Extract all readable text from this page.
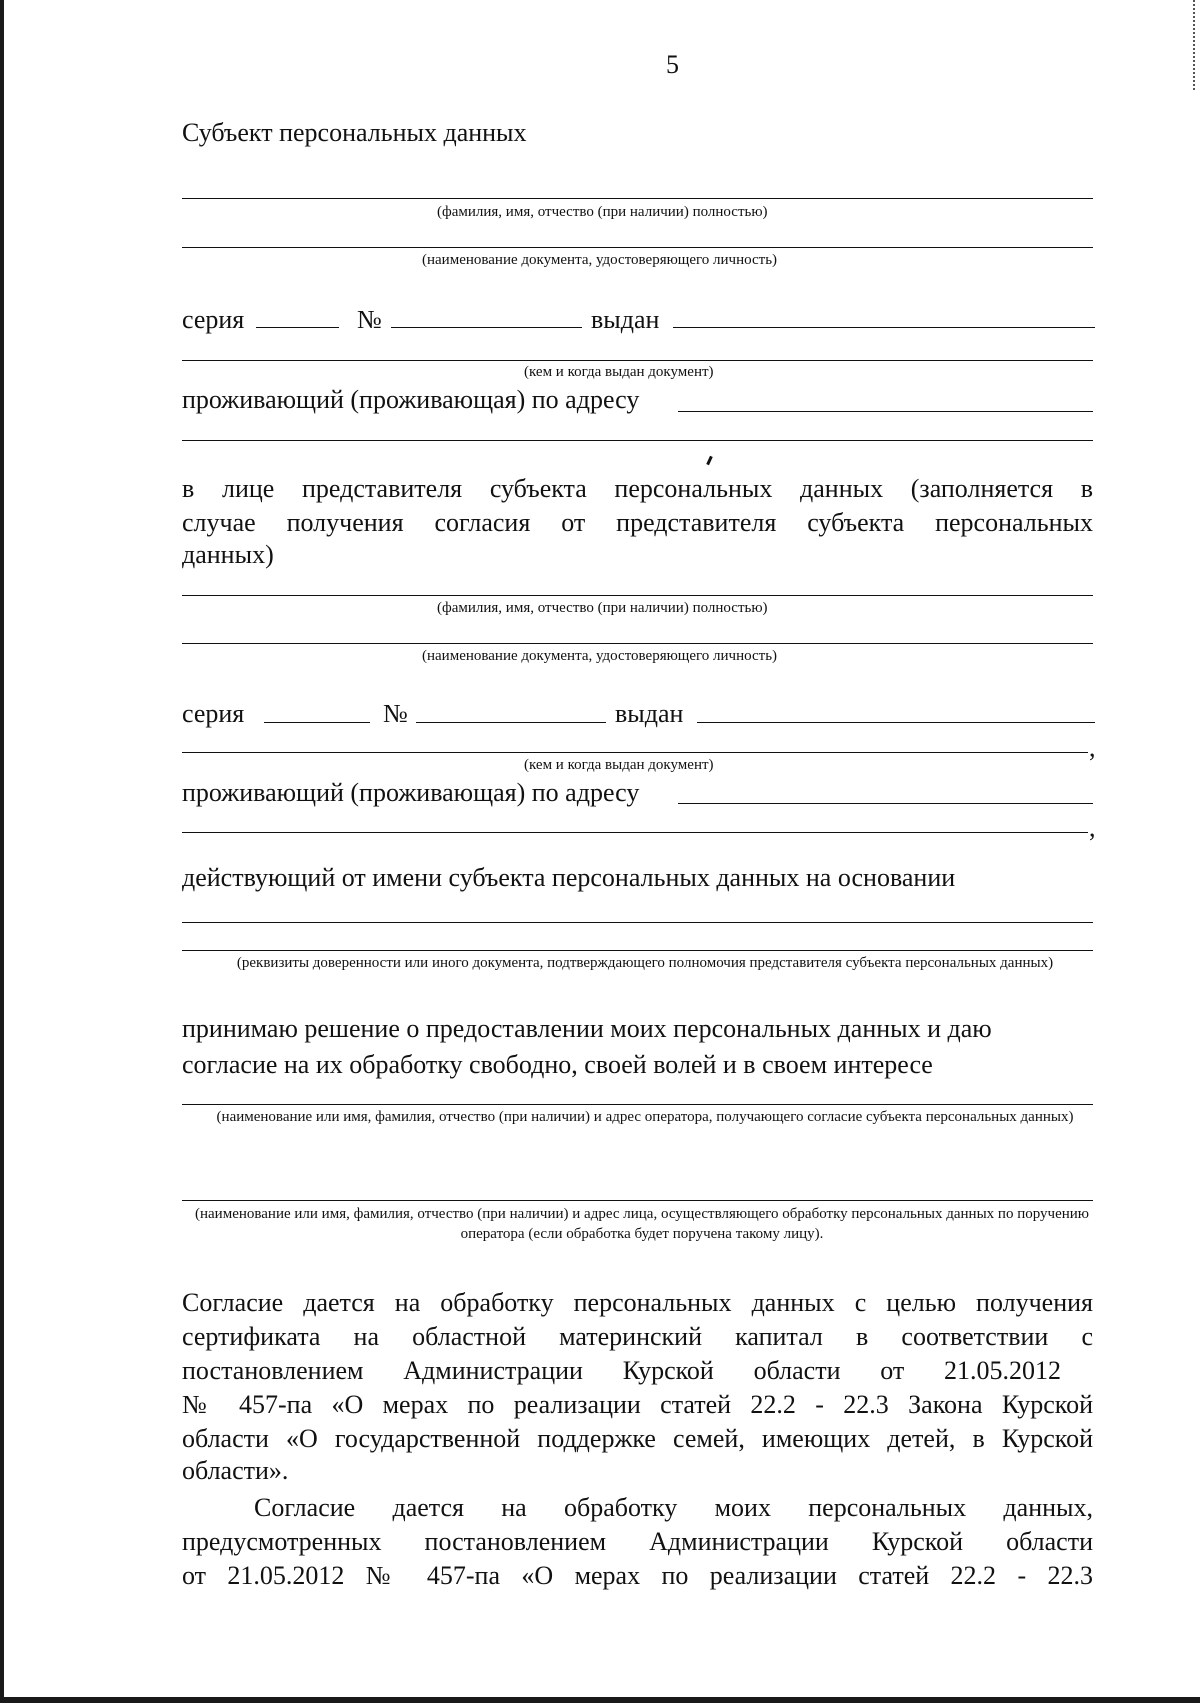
5
Субъект персональных данных
(фамилия, имя, отчество (при наличии) полностью)
(наименование документа, удостоверяющего личность)
серия	№	выдан
(кем и когда выдан документ)
проживающий (проживающая) по адресу
в лице представителя субъекта персональных данных (заполняется в
случае получения согласия от представителя субъекта персональных
данных)
(фамилия, имя, отчество (при наличии) полностью)
(наименование документа, удостоверяющего личность)
серия	№	выдан
,
(кем и когда выдан документ)
проживающий (проживающая) по адресу
,
действующий от имени субъекта персональных данных на основании
(реквизиты доверенности или иного документа, подтверждающего полномочия представителя субъекта персональных данных)
принимаю решение о предоставлении моих персональных данных и даю
согласие на их обработку свободно, своей волей и в своем интересе
(наименование или имя, фамилия, отчество (при наличии) и адрес оператора, получающего согласие субъекта персональных данных)
(наименование или имя, фамилия, отчество (при наличии) и адрес лица, осуществляющего обработку персональных данных по поручению оператора (если обработка будет поручена такому лицу).
Согласие дается на обработку персональных данных с целью получения
сертификата на областной материнский капитал в соответствии с
постановлением Администрации Курской области от 21.05.2012
№ 457-па «О мерах по реализации статей 22.2 - 22.3 Закона Курской
области «О государственной поддержке семей, имеющих детей, в Курской
области».
Согласие дается на обработку моих персональных данных,
предусмотренных постановлением Администрации Курской области
от 21.05.2012 № 457-па «О мерах по реализации статей 22.2 - 22.3
